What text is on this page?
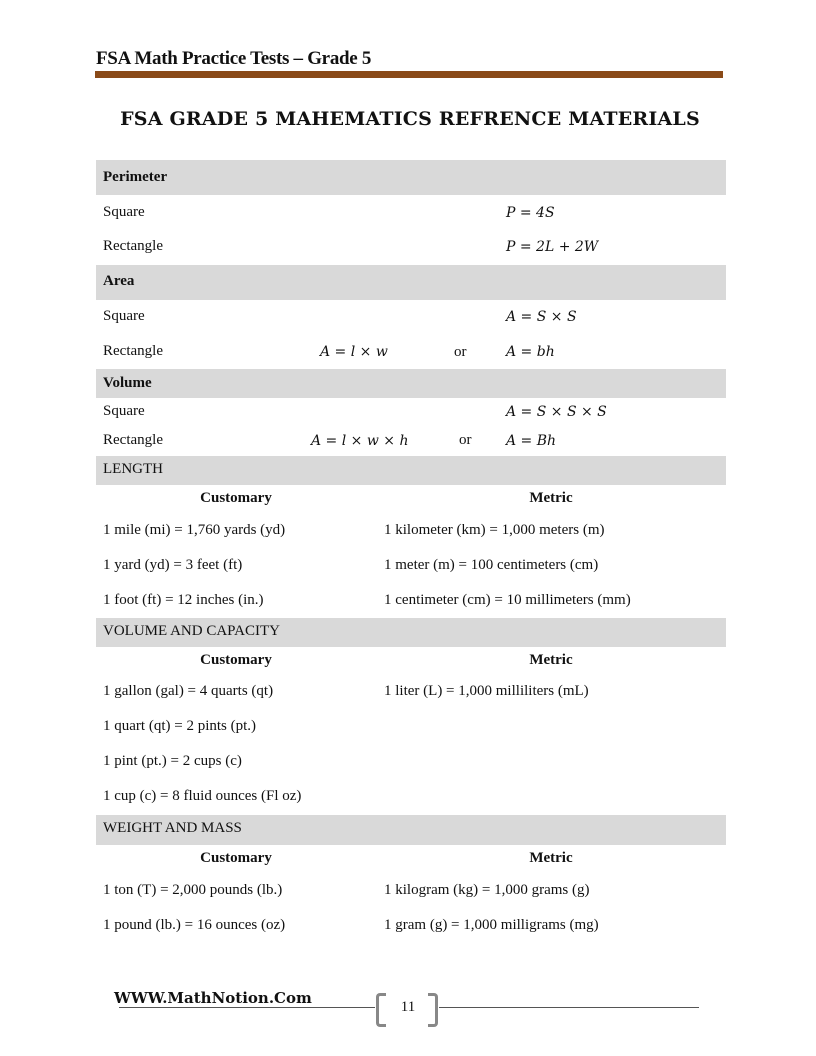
FSA Math Practice Tests – Grade 5
FSA GRADE 5 MAHEMATICS REFRENCE MATERIALS
Perimeter
Square	P = 4S
Rectangle	P = 2L + 2W
Area
Square	A = S × S
Rectangle	A = l × w	or	A = bh
Volume
Square	A = S × S × S
Rectangle	A = l × w × h	or A = Bh
LENGTH
Customary	Metric
1 mile (mi) = 1,760 yards (yd)	1 kilometer (km) = 1,000 meters (m)
1 yard (yd) = 3 feet (ft)	1 meter (m) = 100 centimeters (cm)
1 foot (ft) = 12 inches (in.)	1 centimeter (cm) = 10 millimeters (mm)
VOLUME AND CAPACITY
Customary	Metric
1 gallon (gal) = 4 quarts (qt)	1 liter (L) = 1,000 milliliters (mL)
1 quart (qt) = 2 pints (pt.)
1 pint (pt.) = 2 cups (c)
1 cup (c) = 8 fluid ounces (Fl oz)
WEIGHT AND MASS
Customary	Metric
1 ton (T) = 2,000 pounds (lb.)	1 kilogram (kg) = 1,000 grams (g)
1 pound (lb.) = 16 ounces (oz)	1 gram (g) = 1,000 milligrams (mg)
WWW.MathNotion.Com	11
